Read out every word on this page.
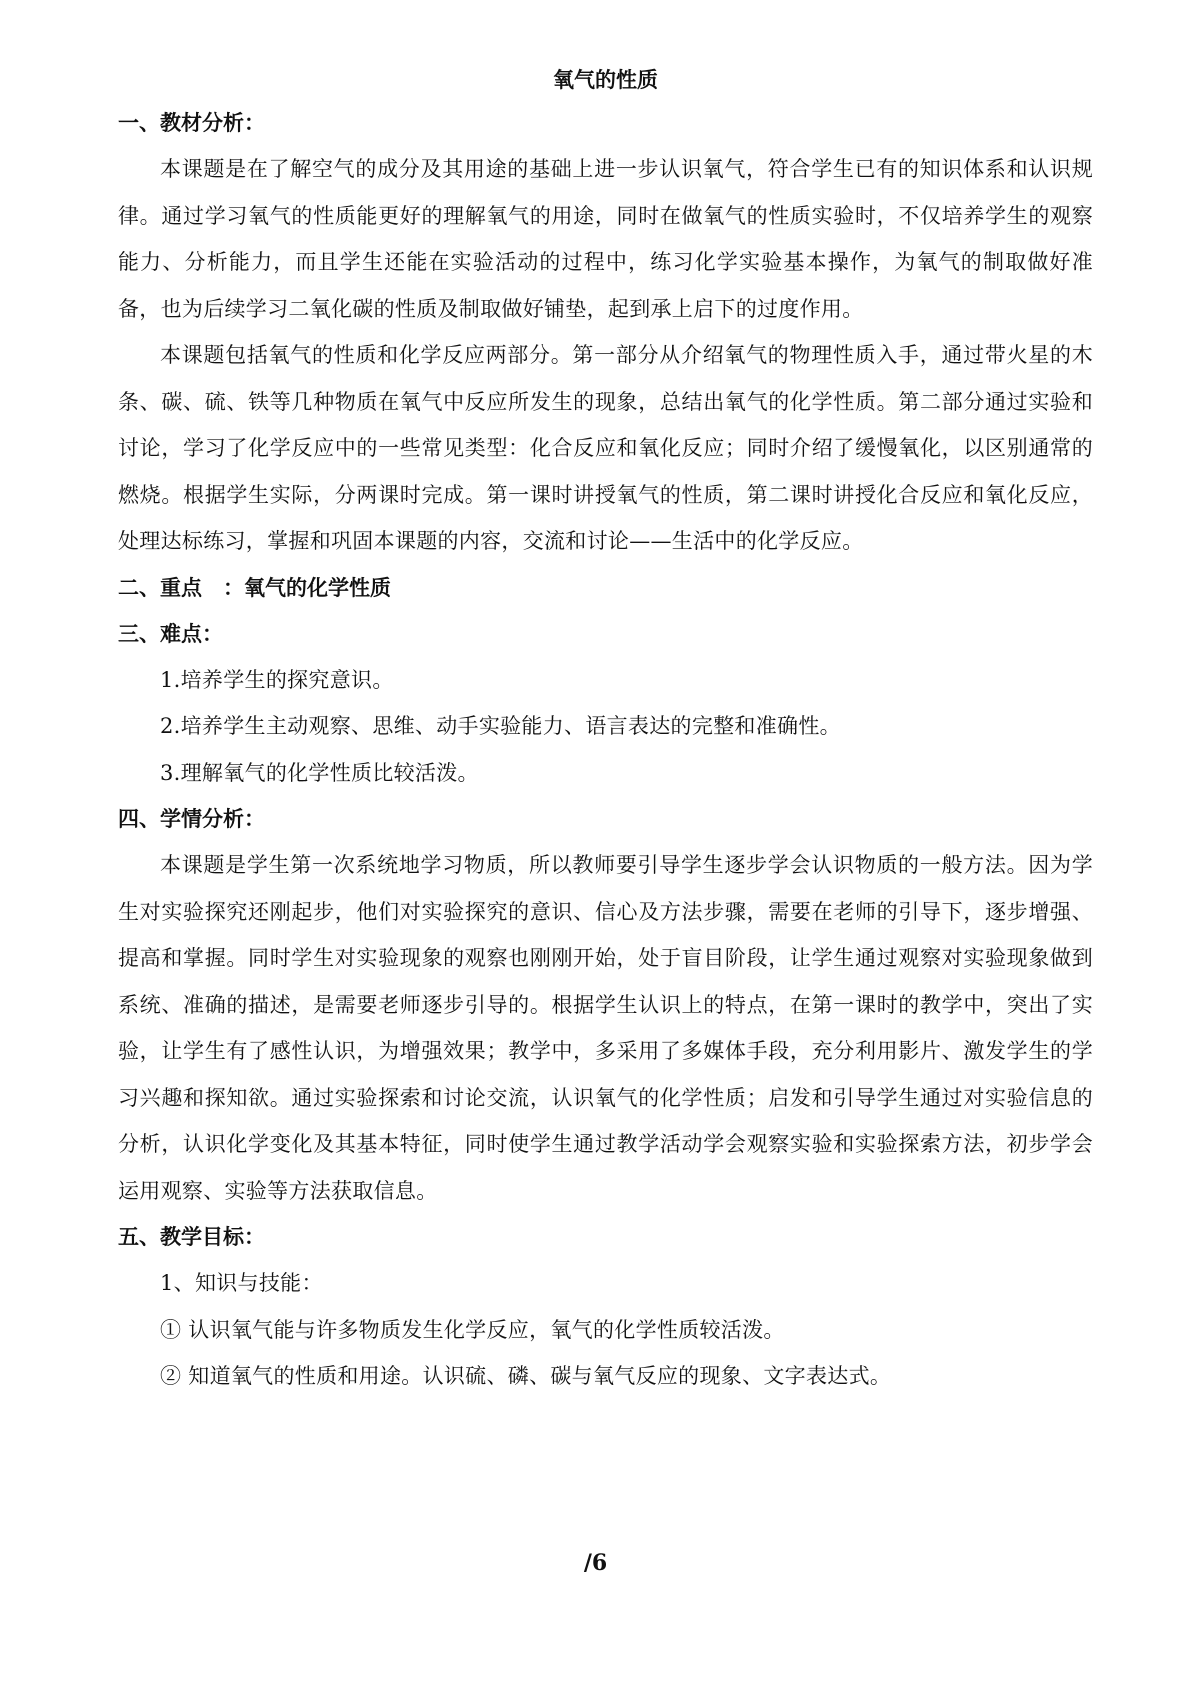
氧气的性质

一、教材分析：

本课题是在了解空气的成分及其用途的基础上进一步认识氧气，符合学生已有的知识体系和认识规律。通过学习氧气的性质能更好的理解氧气的用途，同时在做氧气的性质实验时，不仅培养学生的观察能力、分析能力，而且学生还能在实验活动的过程中，练习化学实验基本操作，为氧气的制取做好准备，也为后续学习二氧化碳的性质及制取做好铺垫，起到承上启下的过度作用。

本课题包括氧气的性质和化学反应两部分。第一部分从介绍氧气的物理性质入手，通过带火星的木条、碳、硫、铁等几种物质在氧气中反应所发生的现象，总结出氧气的化学性质。第二部分通过实验和讨论，学习了化学反应中的一些常见类型：化合反应和氧化反应；同时介绍了缓慢氧化，以区别通常的燃烧。根据学生实际，分两课时完成。第一课时讲授氧气的性质，第二课时讲授化合反应和氧化反应，处理达标练习，掌握和巩固本课题的内容，交流和讨论——生活中的化学反应。

二、重点　：氧气的化学性质

三、难点：

1.培养学生的探究意识。

2.培养学生主动观察、思维、动手实验能力、语言表达的完整和准确性。

3.理解氧气的化学性质比较活泼。

四、学情分析：

本课题是学生第一次系统地学习物质，所以教师要引导学生逐步学会认识物质的一般方法。因为学生对实验探究还刚起步，他们对实验探究的意识、信心及方法步骤，需要在老师的引导下，逐步增强、提高和掌握。同时学生对实验现象的观察也刚刚开始，处于盲目阶段，让学生通过观察对实验现象做到系统、准确的描述，是需要老师逐步引导的。根据学生认识上的特点，在第一课时的教学中，突出了实验，让学生有了感性认识，为增强效果；教学中，多采用了多媒体手段，充分利用影片、激发学生的学习兴趣和探知欲。通过实验探索和讨论交流，认识氧气的化学性质；启发和引导学生通过对实验信息的分析，认识化学变化及其基本特征，同时使学生通过教学活动学会观察实验和实验探索方法，初步学会运用观察、实验等方法获取信息。

五、教学目标：

1、知识与技能：

① 认识氧气能与许多物质发生化学反应，氧气的化学性质较活泼。

② 知道氧气的性质和用途。认识硫、磷、碳与氧气反应的现象、文字表达式。

/6
